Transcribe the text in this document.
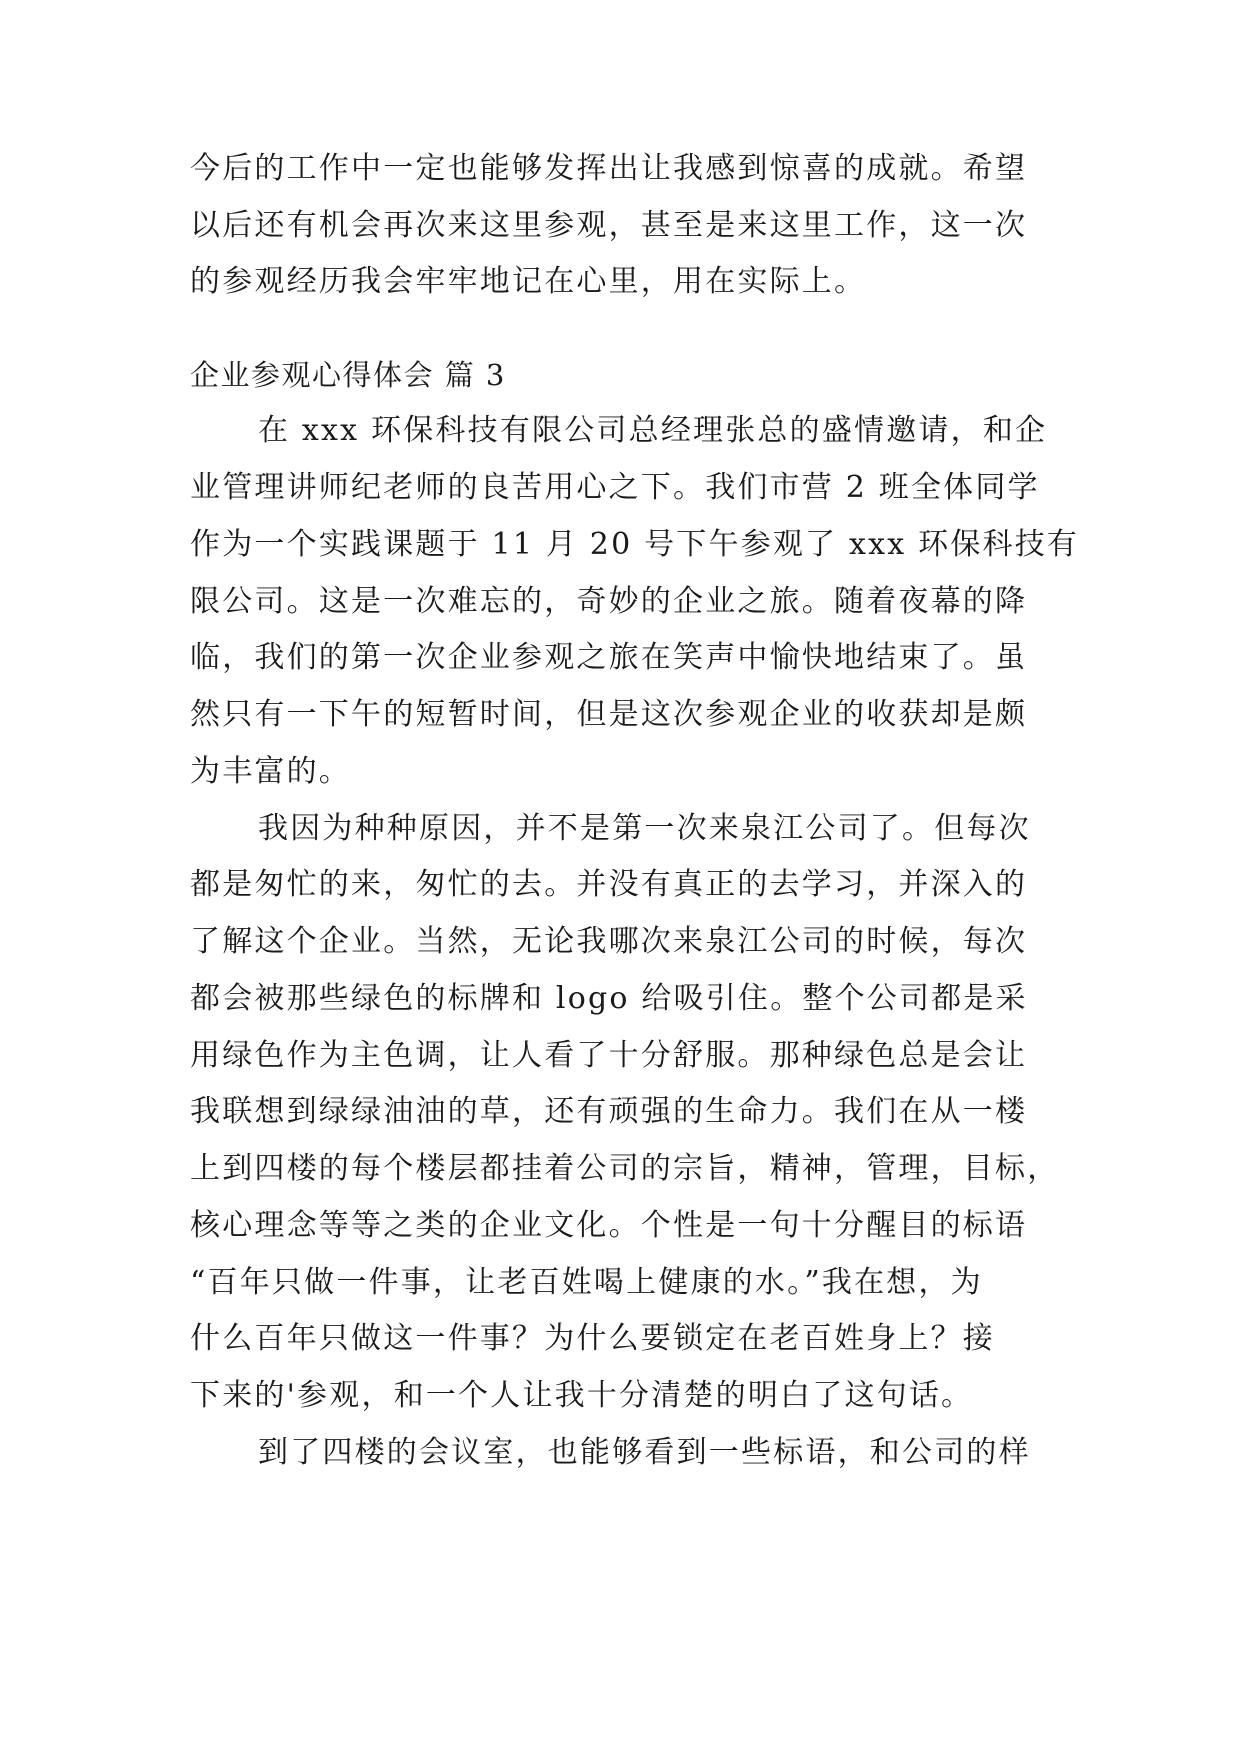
今后的工作中一定也能够发挥出让我感到惊喜的成就。希望
以后还有机会再次来这里参观，甚至是来这里工作，这一次
的参观经历我会牢牢地记在心里，用在实际上。
企业参观心得体会 篇 3
在 xxx 环保科技有限公司总经理张总的盛情邀请，和企
业管理讲师纪老师的良苦用心之下。我们市营 2 班全体同学
作为一个实践课题于 11 月 20 号下午参观了 xxx 环保科技有
限公司。这是一次难忘的，奇妙的企业之旅。随着夜幕的降
临，我们的第一次企业参观之旅在笑声中愉快地结束了。虽
然只有一下午的短暂时间，但是这次参观企业的收获却是颇
为丰富的。
我因为种种原因，并不是第一次来泉江公司了。但每次
都是匆忙的来，匆忙的去。并没有真正的去学习，并深入的
了解这个企业。当然，无论我哪次来泉江公司的时候，每次
都会被那些绿色的标牌和 logo 给吸引住。整个公司都是采
用绿色作为主色调，让人看了十分舒服。那种绿色总是会让
我联想到绿绿油油的草，还有顽强的生命力。我们在从一楼
上到四楼的每个楼层都挂着公司的宗旨，精神，管理，目标，
核心理念等等之类的企业文化。个性是一句十分醒目的标语
“百年只做一件事，让老百姓喝上健康的水。”我在想，为
什么百年只做这一件事？为什么要锁定在老百姓身上？接
下来的'参观，和一个人让我十分清楚的明白了这句话。
到了四楼的会议室，也能够看到一些标语，和公司的样
